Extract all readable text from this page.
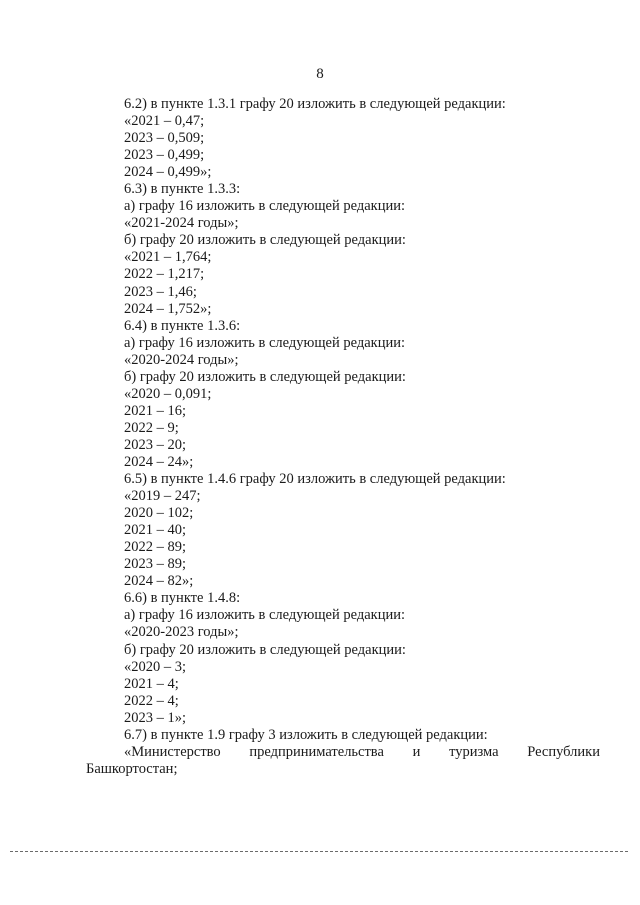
8
6.2) в пункте 1.3.1 графу 20 изложить в следующей редакции:
«2021 – 0,47;
2023 – 0,509;
2023 – 0,499;
2024 – 0,499»;
6.3) в пункте 1.3.3:
а) графу 16 изложить в следующей редакции:
«2021-2024 годы»;
б) графу 20 изложить в следующей редакции:
«2021 – 1,764;
2022 – 1,217;
2023 – 1,46;
2024 – 1,752»;
6.4) в пункте 1.3.6:
а) графу 16 изложить в следующей редакции:
«2020-2024 годы»;
б) графу 20 изложить в следующей редакции:
«2020 – 0,091;
2021 – 16;
2022 – 9;
2023 – 20;
2024 – 24»;
6.5) в пункте 1.4.6 графу 20 изложить в следующей редакции:
«2019 – 247;
2020 – 102;
2021 – 40;
2022 – 89;
2023 – 89;
2024 – 82»;
6.6) в пункте 1.4.8:
а) графу 16 изложить в следующей редакции:
«2020-2023 годы»;
б) графу 20 изложить в следующей редакции:
«2020 – 3;
2021 – 4;
2022 – 4;
2023 – 1»;
6.7) в пункте 1.9 графу 3 изложить в следующей редакции:
«Министерство предпринимательства и туризма Республики
Башкортостан;
